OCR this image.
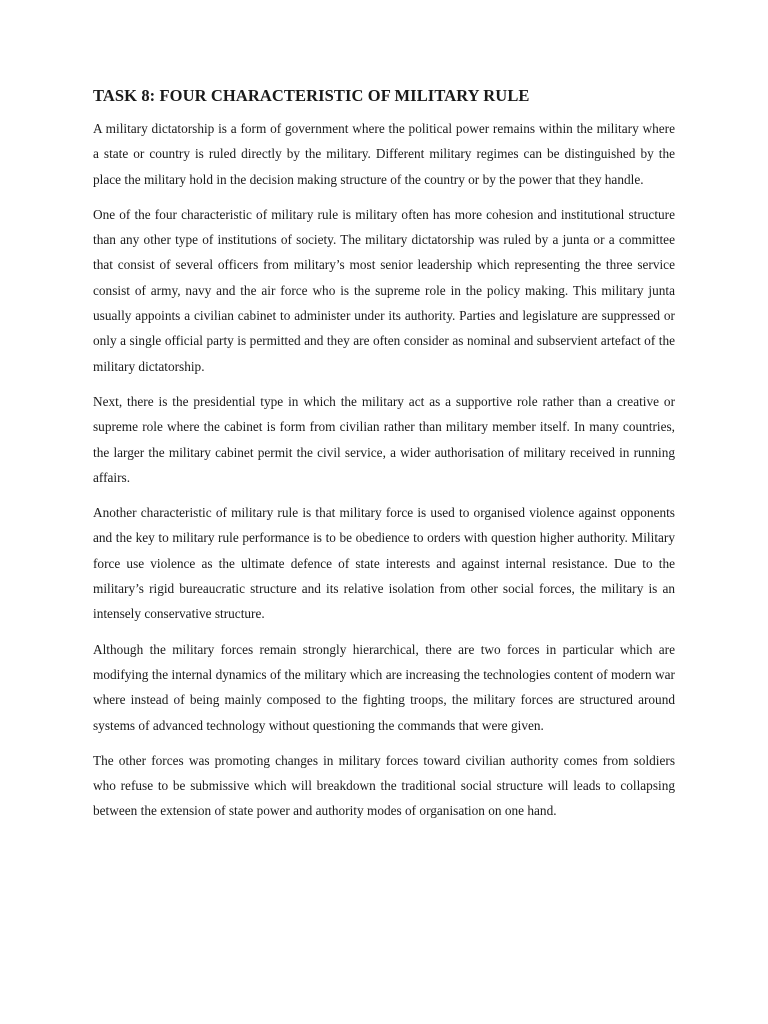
TASK 8: FOUR CHARACTERISTIC OF MILITARY RULE

A military dictatorship is a form of government where the political power remains within the military where a state or country is ruled directly by the military. Different military regimes can be distinguished by the place the military hold in the decision making structure of the country or by the power that they handle.

One of the four characteristic of military rule is military often has more cohesion and institutional structure than any other type of institutions of society. The military dictatorship was ruled by a junta or a committee that consist of several officers from military’s most senior leadership which representing the three service consist of army, navy and the air force who is the supreme role in the policy making. This military junta usually appoints a civilian cabinet to administer under its authority. Parties and legislature are suppressed or only a single official party is permitted and they are often consider as nominal and subservient artefact of the military dictatorship.

Next, there is the presidential type in which the military act as a supportive role rather than a creative or supreme role where the cabinet is form from civilian rather than military member itself. In many countries, the larger the military cabinet permit the civil service, a wider authorisation of military received in running affairs.

Another characteristic of military rule is that military force is used to organised violence against opponents and the key to military rule performance is to be obedience to orders with question higher authority. Military force use violence as the ultimate defence of state interests and against internal resistance. Due to the military’s rigid bureaucratic structure and its relative isolation from other social forces, the military is an intensely conservative structure.

Although the military forces remain strongly hierarchical, there are two forces in particular which are modifying the internal dynamics of the military which are increasing the technologies content of modern war where instead of being mainly composed to the fighting troops, the military forces are structured around systems of advanced technology without questioning the commands that were given.

The other forces was promoting changes in military forces toward civilian authority comes from soldiers who refuse to be submissive which will breakdown the traditional social structure will leads to collapsing between the extension of state power and authority modes of organisation on one hand.
